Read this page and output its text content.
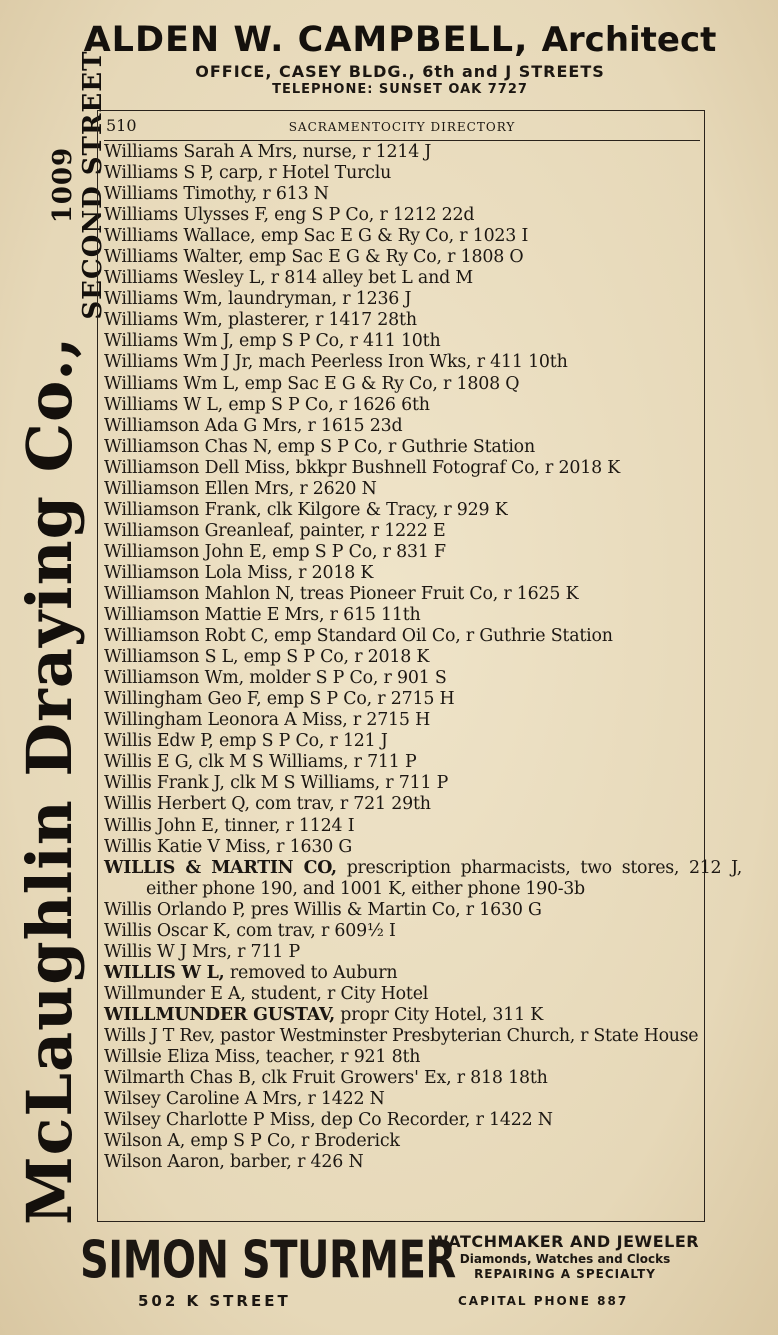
ALDEN W. CAMPBELL, Architect
OFFICE, CASEY BLDG., 6th and J STREETS
TELEPHONE: SUNSET OAK 7727
McLaughlin Draying Co.,
1009 SECOND STREET
510	SACRAMENTOCITY DIRECTORY
Williams Sarah A Mrs, nurse, r 1214 J
Williams S P, carp, r Hotel Turclu
Williams Timothy, r 613 N
Williams Ulysses F, eng S P Co, r 1212 22d
Williams Wallace, emp Sac E G & Ry Co, r 1023 I
Williams Walter, emp Sac E G & Ry Co, r 1808 O
Williams Wesley L, r 814 alley bet L and M
Williams Wm, laundryman, r 1236 J
Williams Wm, plasterer, r 1417 28th
Williams Wm J, emp S P Co, r 411 10th
Williams Wm J Jr, mach Peerless Iron Wks, r 411 10th
Williams Wm L, emp Sac E G & Ry Co, r 1808 Q
Williams W L, emp S P Co, r 1626 6th
Williamson Ada G Mrs, r 1615 23d
Williamson Chas N, emp S P Co, r Guthrie Station
Williamson Dell Miss, bkkpr Bushnell Fotograf Co, r 2018 K
Williamson Ellen Mrs, r 2620 N
Williamson Frank, clk Kilgore & Tracy, r 929 K
Williamson Greanleaf, painter, r 1222 E
Williamson John E, emp S P Co, r 831 F
Williamson Lola Miss, r 2018 K
Williamson Mahlon N, treas Pioneer Fruit Co, r 1625 K
Williamson Mattie E Mrs, r 615 11th
Williamson Robt C, emp Standard Oil Co, r Guthrie Station
Williamson S L, emp S P Co, r 2018 K
Williamson Wm, molder S P Co, r 901 S
Willingham Geo F, emp S P Co, r 2715 H
Willingham Leonora A Miss, r 2715 H
Willis Edw P, emp S P Co, r 121 J
Willis E G, clk M S Williams, r 711 P
Willis Frank J, clk M S Williams, r 711 P
Willis Herbert Q, com trav, r 721 29th
Willis John E, tinner, r 1124 I
Willis Katie V Miss, r 1630 G
WILLIS & MARTIN CO, prescription pharmacists, two stores, 212 J, either phone 190, and 1001 K, either phone 190-3b
Willis Orlando P, pres Willis & Martin Co, r 1630 G
Willis Oscar K, com trav, r 609½ I
Willis W J Mrs, r 711 P
WILLIS W L, removed to Auburn
Willmunder E A, student, r City Hotel
WILLMUNDER GUSTAV, propr City Hotel, 311 K
Wills J T Rev, pastor Westminster Presbyterian Church, r State House
Willsie Eliza Miss, teacher, r 921 8th
Wilmarth Chas B, clk Fruit Growers' Ex, r 818 18th
Wilsey Caroline A Mrs, r 1422 N
Wilsey Charlotte P Miss, dep Co Recorder, r 1422 N
Wilson A, emp S P Co, r Broderick
Wilson Aaron, barber, r 426 N
SIMON STURMER
WATCHMAKER AND JEWELER
Diamonds, Watches and Clocks
REPAIRING A SPECIALTY
502 K STREET	CAPITAL PHONE 887
